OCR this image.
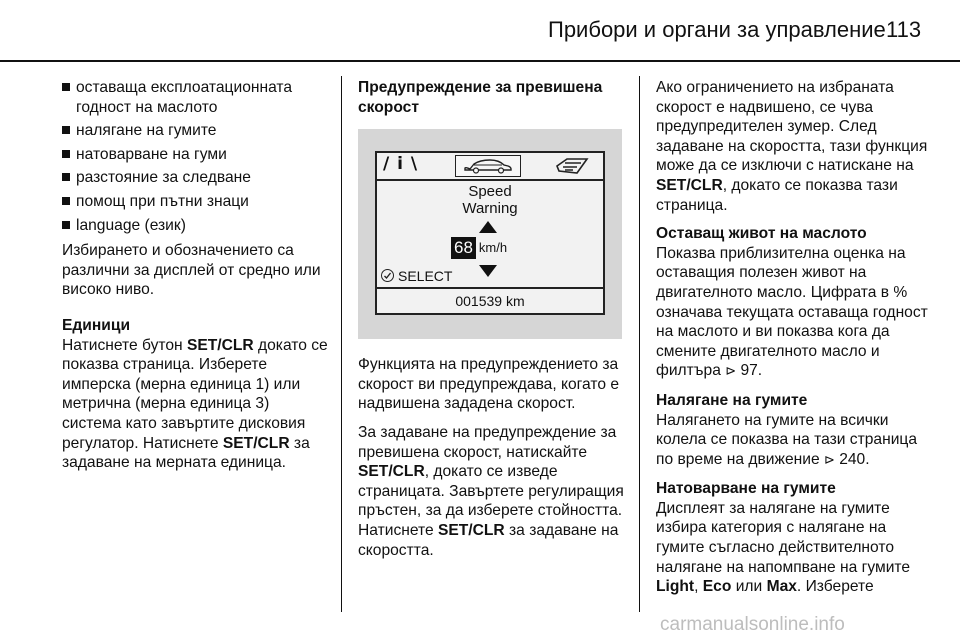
Прибори и органи за управление 113
оставаща експлоатационната годност на маслото
налягане на гумите
натоварване на гуми
разстояние за следване
помощ при пътни знаци
language (език)

Избирането и обозначението са различни за дисплей от средно или високо ниво.

Единици
Натиснете бутон SET/CLR докато се показва страница. Изберете имперска (мерна единица 1) или метрична (мерна единица 3) система като завъртите дисковия регулатор. Натиснете SET/CLR за задаване на мерната единица.

Предупреждение за превишена скорост
/ i \
Speed
Warning
68 km/h
SELECT
001539 km

Функцията на предупреждението за скорост ви предупреждава, когато е надвишена зададена скорост.

За задаване на предупреждение за превишена скорост, натискайте SET/CLR, докато се изведе страницата. Завъртете регулиращия пръстен, за да изберете стойността. Натиснете SET/CLR за задаване на скоростта.

Ако ограничението на избраната скорост е надвишено, се чува предупредителен зумер. След задаване на скоростта, тази функция може да се изключи с натискане на SET/CLR, докато се показва тази страница.

Оставащ живот на маслото
Показва приблизителна оценка на оставащия полезен живот на двигателното масло. Цифрата в % означава текущата оставаща годност на маслото и ви показва кога да смените двигателното масло и филтъра ⊳ 97.

Налягане на гумите
Налягането на гумите на всички колела се показва на тази страница по време на движение ⊳ 240.

Натоварване на гумите
Дисплеят за налягане на гумите избира категория с налягане на гумите съгласно действителното налягане на напомпване на гумите Light, Eco или Max. Изберете

carmanualsonline.info
